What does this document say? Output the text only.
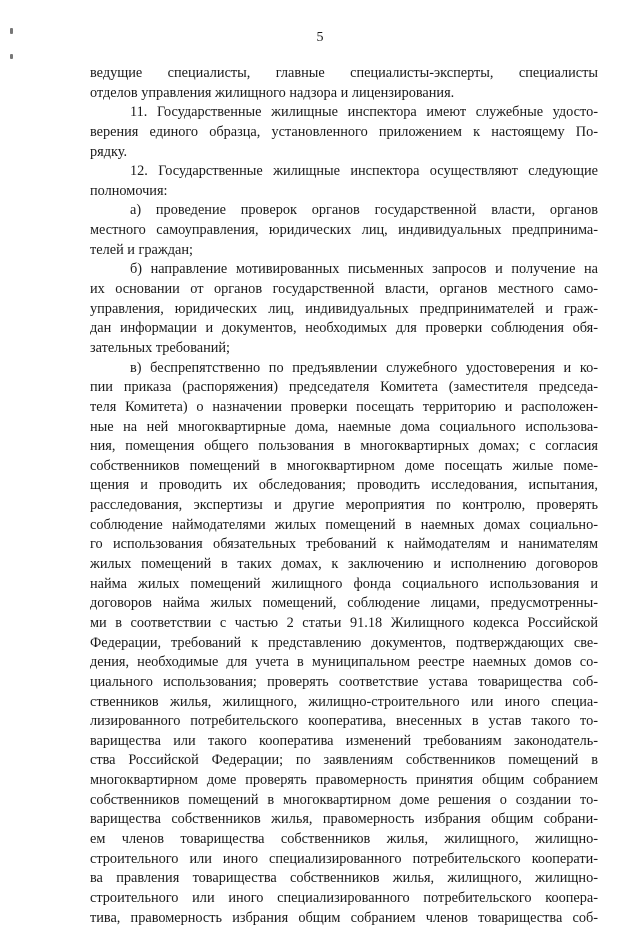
5
ведущие специалисты, главные специалисты-эксперты, специалисты
отделов управления жилищного надзора и лицензирования.
11. Государственные жилищные инспектора имеют служебные удосто-
верения единого образца, установленного приложением к настоящему По-
рядку.
12. Государственные жилищные инспектора осуществляют следующие
полномочия:
а) проведение проверок органов государственной власти, органов
местного самоуправления, юридических лиц, индивидуальных предпринима-
телей и граждан;
б) направление мотивированных письменных запросов и получение на
их основании от органов государственной власти, органов местного само-
управления, юридических лиц, индивидуальных предпринимателей и граж-
дан информации и документов, необходимых для проверки соблюдения обя-
зательных требований;
в) беспрепятственно по предъявлении служебного удостоверения и ко-
пии приказа (распоряжения) председателя Комитета (заместителя председа-
теля Комитета) о назначении проверки посещать территорию и расположен-
ные на ней многоквартирные дома, наемные дома социального использова-
ния, помещения общего пользования в многоквартирных домах; с согласия
собственников помещений в многоквартирном доме посещать жилые поме-
щения и проводить их обследования; проводить исследования, испытания,
расследования, экспертизы и другие мероприятия по контролю, проверять
соблюдение наймодателями жилых помещений в наемных домах социально-
го использования обязательных требований к наймодателям и нанимателям
жилых помещений в таких домах, к заключению и исполнению договоров
найма жилых помещений жилищного фонда социального использования и
договоров найма жилых помещений, соблюдение лицами, предусмотренны-
ми в соответствии с частью 2 статьи 91.18 Жилищного кодекса Российской
Федерации, требований к представлению документов, подтверждающих све-
дения, необходимые для учета в муниципальном реестре наемных домов со-
циального использования; проверять соответствие устава товарищества соб-
ственников жилья, жилищного, жилищно-строительного или иного специа-
лизированного потребительского кооператива, внесенных в устав такого то-
варищества или такого кооператива изменений требованиям законодатель-
ства Российской Федерации; по заявлениям собственников помещений в
многоквартирном доме проверять правомерность принятия общим собранием
собственников помещений в многоквартирном доме решения о создании то-
варищества собственников жилья, правомерность избрания общим собрани-
ем членов товарищества собственников жилья, жилищного, жилищно-
строительного или иного специализированного потребительского кооперати-
ва правления товарищества собственников жилья, жилищного, жилищно-
строительного или иного специализированного потребительского коопера-
тива, правомерность избрания общим собранием членов товарищества соб-
